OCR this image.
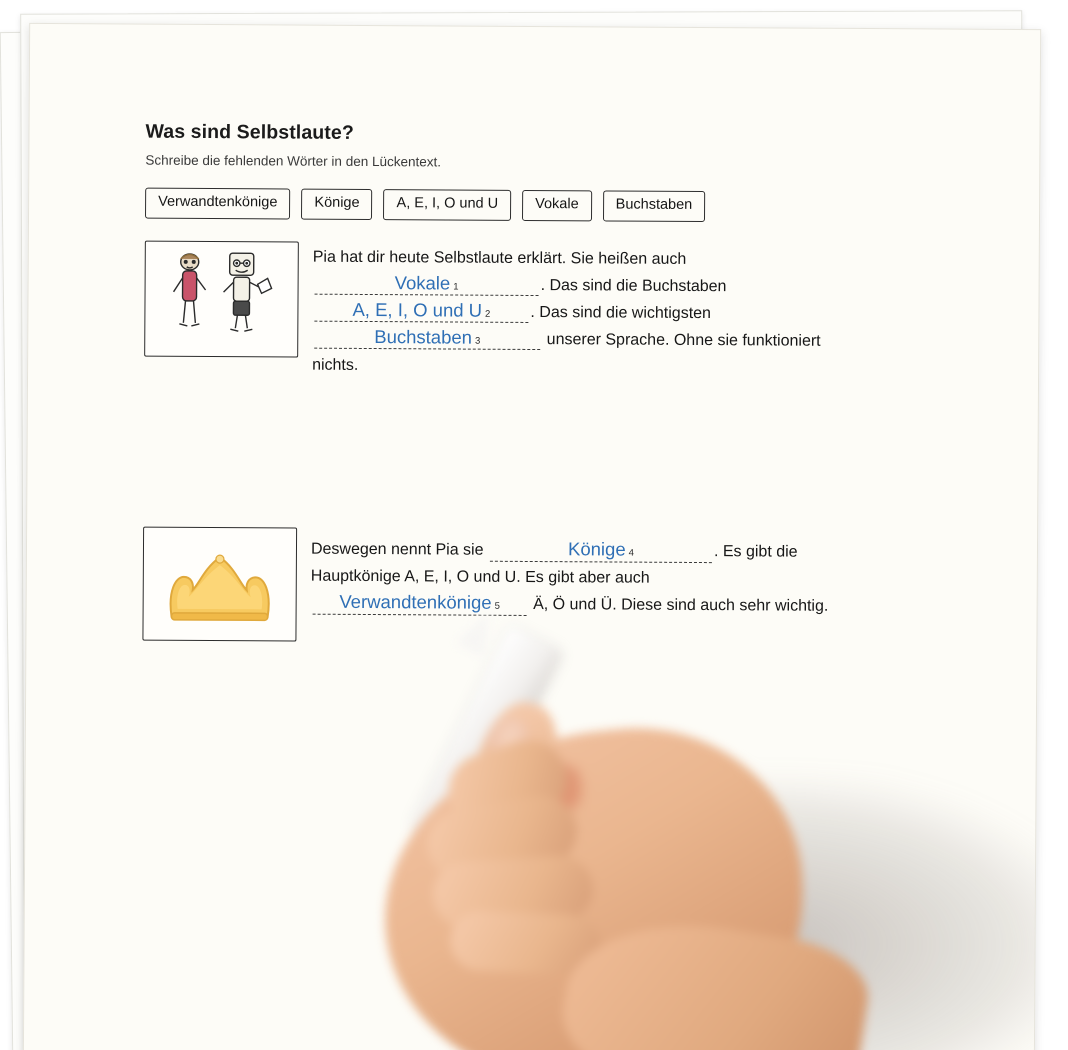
Was sind Selbstlaute?

Schreibe die fehlenden Wörter in den Lückentext.

Verwandtenkönige	Könige	A, E, I, O und U	Vokale	Buchstaben
Pia hat dir heute Selbstlaute erklärt. Sie heißen auch
Vokale 1	. Das sind die Buchstaben
A, E, I, O und U 2	. Das sind die wichtigsten
Buchstaben 3	unserer Sprache. Ohne sie funktioniert
nichts.
Deswegen nennt Pia sie	Könige 4	. Es gibt die
Hauptkönige A, E, I, O und U. Es gibt aber auch
Verwandtenkönige 5 Ä, Ö und Ü. Diese sind auch sehr wichtig.
